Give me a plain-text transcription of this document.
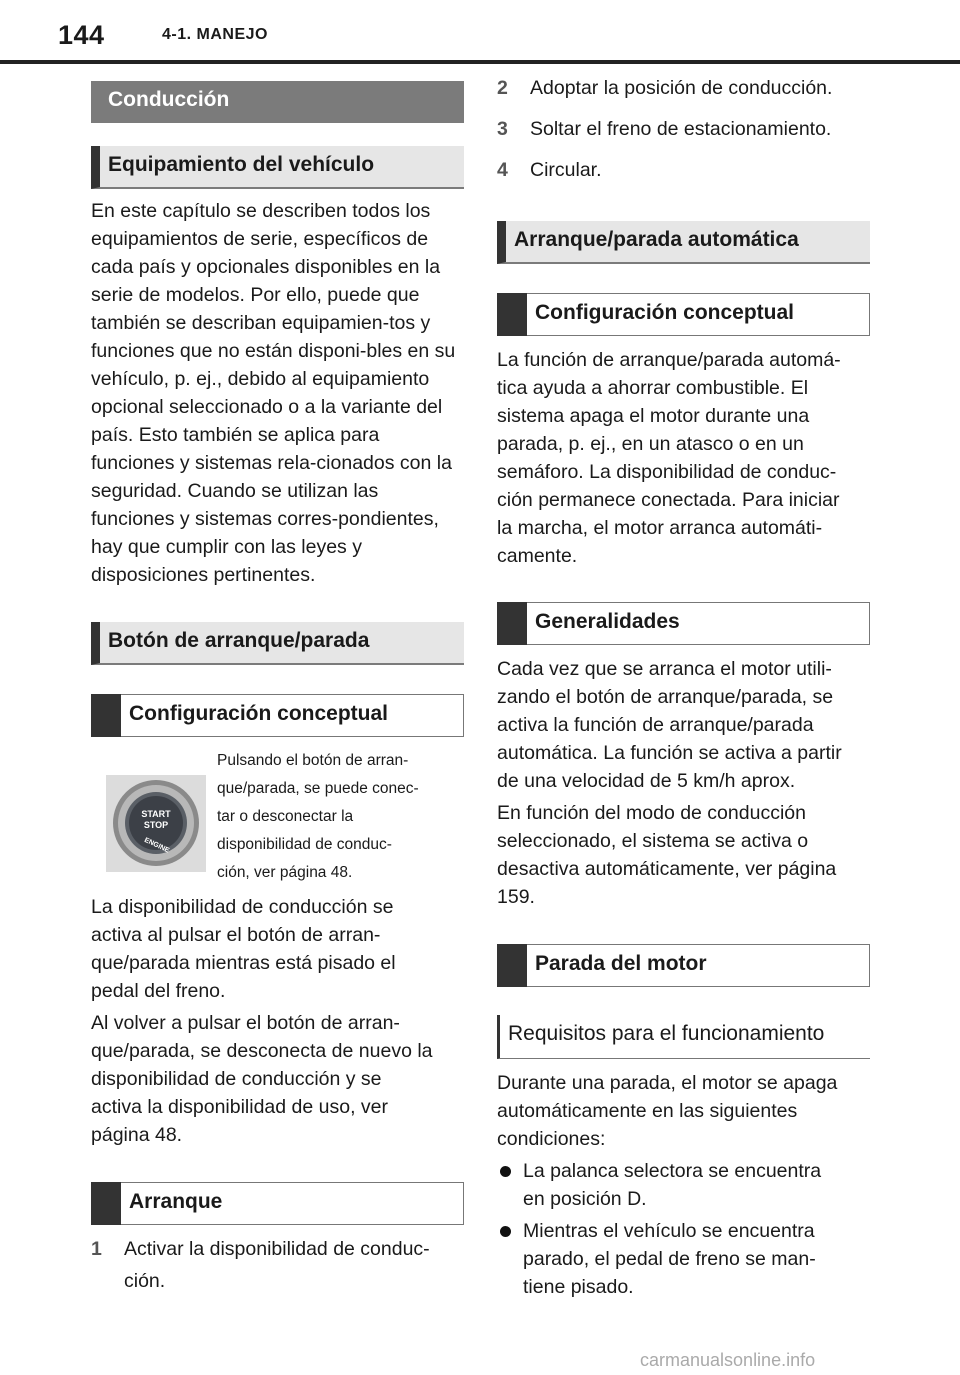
144	4-1. MANEJO
Conducción
Equipamiento del vehículo

En este capítulo se describen todos los equipamientos de serie, específicos de cada país y opcionales disponibles en la serie de modelos. Por ello, puede que también se describan equipamien-tos y funciones que no están disponi-bles en su vehículo, p. ej., debido al equipamiento opcional seleccionado o a la variante del país. Esto también se aplica para funciones y sistemas rela-cionados con la seguridad. Cuando se utilizan las funciones y sistemas corres-pondientes, hay que cumplir con las leyes y disposiciones pertinentes.

Botón de arranque/parada
Configuración conceptual
START
STOP
ENGINE
Pulsando el botón de arran-
que/parada, se puede conec-
tar o desconectar la
disponibilidad de conduc-
ción, ver página 48.
La disponibilidad de conducción se
activa al pulsar el botón de arran-
que/parada mientras está pisado el
pedal del freno.
Al volver a pulsar el botón de arran-
que/parada, se desconecta de nuevo la
disponibilidad de conducción y se
activa la disponibilidad de uso, ver
página 48.
Arranque
1 Activar la disponibilidad de conduc-
ción.
2 Adoptar la posición de conducción.
3 Soltar el freno de estacionamiento.
4 Circular.
Arranque/parada automática
Configuración conceptual
La función de arranque/parada automá-
tica ayuda a ahorrar combustible. El
sistema apaga el motor durante una
parada, p. ej., en un atasco o en un
semáforo. La disponibilidad de conduc-
ción permanece conectada. Para iniciar
la marcha, el motor arranca automáti-
camente.
Generalidades
Cada vez que se arranca el motor utili-
zando el botón de arranque/parada, se
activa la función de arranque/parada
automática. La función se activa a partir
de una velocidad de 5 km/h aprox.
En función del modo de conducción
seleccionado, el sistema se activa o
desactiva automáticamente, ver página
159.
Parada del motor
Requisitos para el funcionamiento
Durante una parada, el motor se apaga
automáticamente en las siguientes
condiciones:
La palanca selectora se encuentra
en posición D.
Mientras el vehículo se encuentra
parado, el pedal de freno se man-
tiene pisado.
carmanualsonline.info
